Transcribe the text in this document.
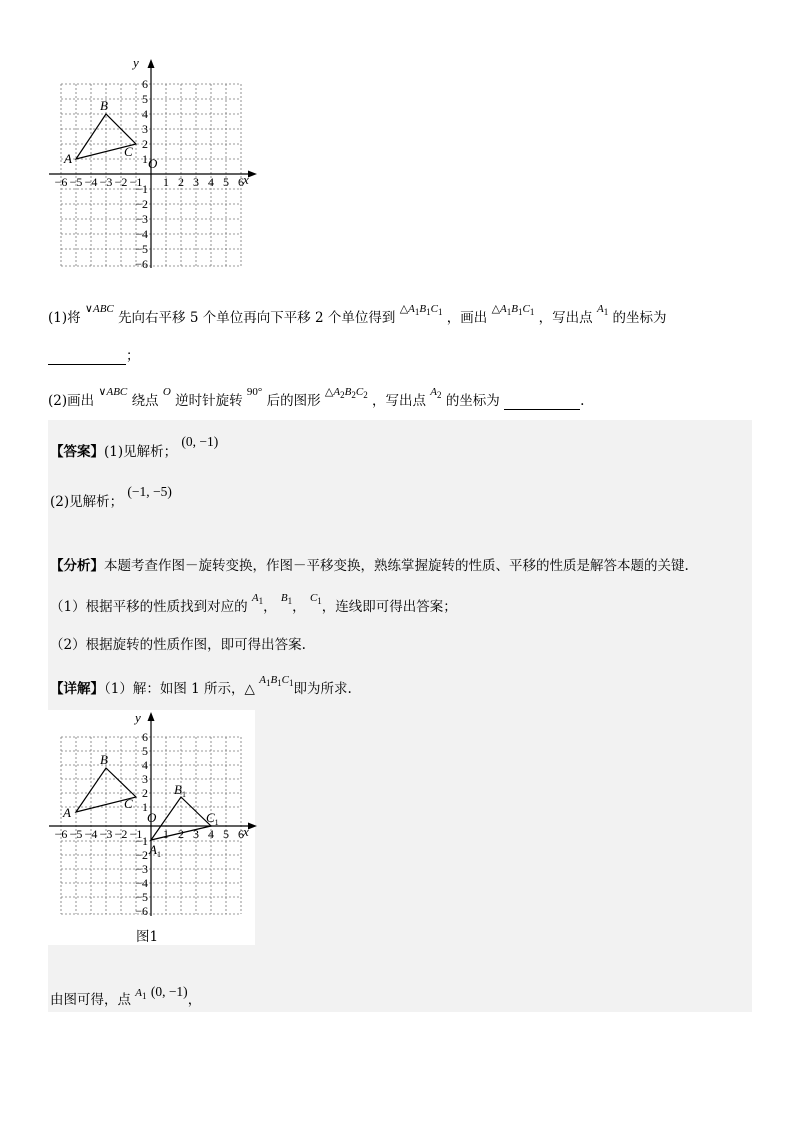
y
x
O
−6 −5 −4 −3 −2 −1 1 2 3 4 5 6
6
5
4
3
2
1
−1
−2
−3
−4
−5
−6
A
B
C
(1)将 $^{\vee ABC}$ 先向右平移 5 个单位再向下平移 2 个单位得到 $^{\triangle A_1B_1C_1}$ ，画出 $^{\triangle A_1B_1C_1}$ ，写出点 $^{A_1}$ 的坐标为
；
(2)画出 $^{\vee ABC}$ 绕点 $^O$ 逆时针旋转 $^{90^\circ}$ 后的图形 $^{\triangle A_2B_2C_2}$ ，写出点 $^{A_2}$ 的坐标为	.
【答案】(1)见解析； (0, −1)
(2)见解析； (−1, −5)
【分析】本题考查作图－旋转变换，作图－平移变换，熟练掌握旋转的性质、平移的性质是解答本题的关键.
（1）根据平移的性质找到对应的 $^{A_1}$， $^{B_1}$， $^{C_1}$，连线即可得出答案；
（2）根据旋转的性质作图，即可得出答案.
【详解】（1）解：如图 1 所示，△ $^{A_1B_1C_1}$即为所求.
y
x
O
−6 −5 −4 −3 −2 −1 1 2 3 4 5 6
6
5
4
3
2
1
−1
−2
−3
−4
−5
−6
A
B
C
$B_1$
$C_1$
$A_1$
图1
由图可得，点 $^{A_1}$ (0, −1)，
